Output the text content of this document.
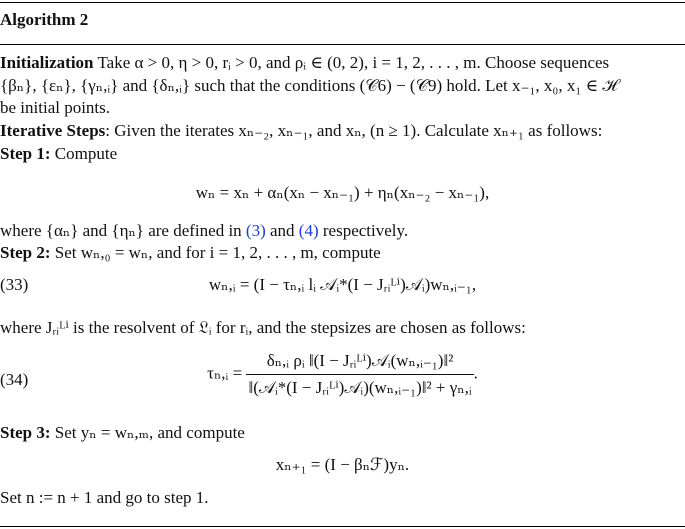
Algorithm 2
Initialization Take α > 0, η > 0, rᵢ > 0, and ρᵢ ∈ (0, 2), i = 1, 2, . . . , m. Choose sequences
{βₙ}, {εₙ}, {γₙ,ᵢ} and {δₙ,ᵢ} such that the conditions (𝒞6) − (𝒞9) hold. Let x₋₁, x₀, x₁ ∈ ℋ
be initial points.
Iterative Steps: Given the iterates xₙ₋₂, xₙ₋₁, and xₙ, (n ≥ 1). Calculate xₙ₊₁ as follows:
Step 1: Compute
wₙ = xₙ + αₙ(xₙ − xₙ₋₁) + ηₙ(xₙ₋₂ − xₙ₋₁),
where {αₙ} and {ηₙ} are defined in (3) and (4) respectively.
Step 2: Set wₙ,₀ = wₙ, and for i = 1, 2, . . . , m, compute
wₙ,ᵢ = (I − τₙ,ᵢ lᵢ 𝒜ᵢ*(I − Jᵣᵢᴸⁱ)𝒜ᵢ)wₙ,ᵢ₋₁,
(33)
where Jᵣᵢᴸⁱ is the resolvent of 𝔏ᵢ for rᵢ, and the stepsizes are chosen as follows:
τₙ,ᵢ = $\frac{\text{δₙ,ᵢ ρᵢ ‖(I − Jᵣᵢᴸⁱ)𝒜ᵢ(wₙ,ᵢ₋₁)‖²}}{\text{‖(𝒜ᵢ*(I − Jᵣᵢᴸⁱ)𝒜ᵢ)(wₙ,ᵢ₋₁)‖² + γₙ,ᵢ}}$ .
(34)
Step 3: Set yₙ = wₙ,ₘ, and compute
xₙ₊₁ = (I − βₙℱ)yₙ.
Set n := n + 1 and go to step 1.
